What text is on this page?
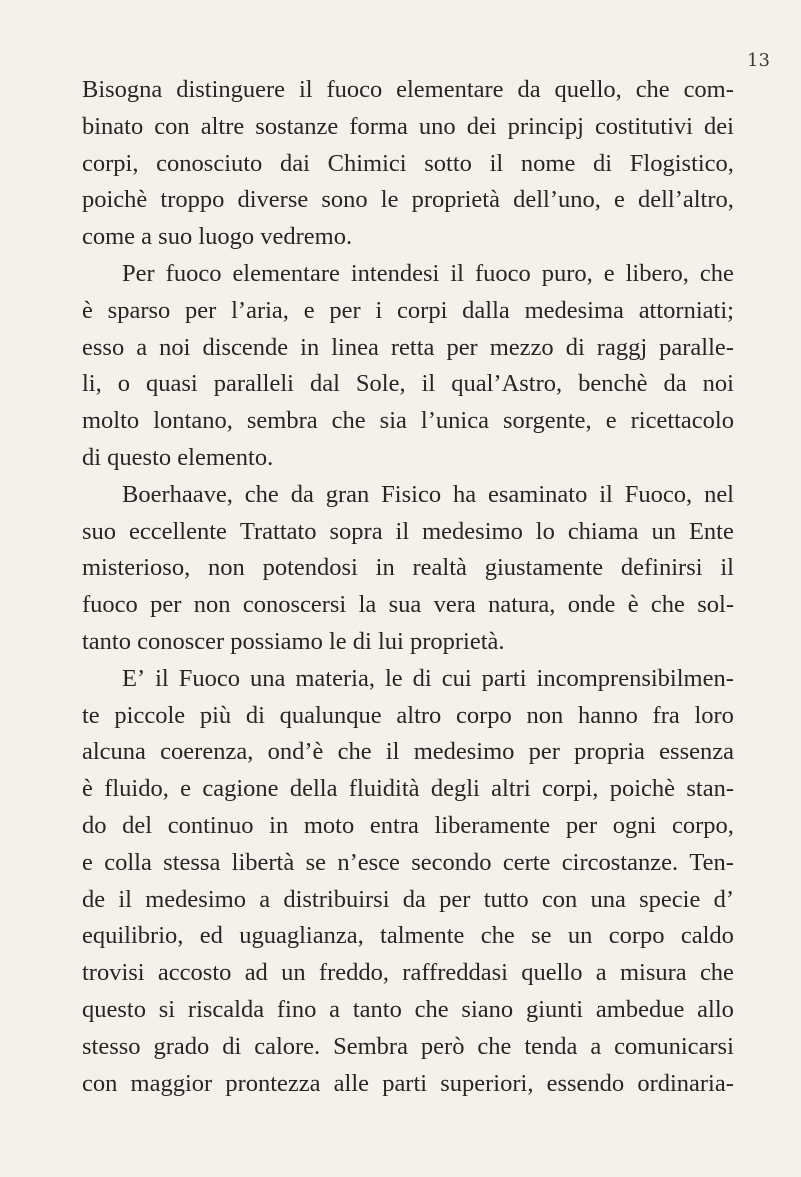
13
Bisogna distinguere il fuoco elementare da quello, che com-
binato con altre sostanze forma uno dei principj costitutivi dei
corpi, conosciuto dai Chimici sotto il nome di Flogistico,
poichè troppo diverse sono le proprietà dell’uno, e dell’altro,
come a suo luogo vedremo.
Per fuoco elementare intendesi il fuoco puro, e libero, che
è sparso per l’aria, e per i corpi dalla medesima attorniati;
esso a noi discende in linea retta per mezzo di raggj paralle-
li, o quasi paralleli dal Sole, il qual’Astro, benchè da noi
molto lontano, sembra che sia l’unica sorgente, e ricettacolo
di questo elemento.
Boerhaave, che da gran Fisico ha esaminato il Fuoco, nel
suo eccellente Trattato sopra il medesimo lo chiama un Ente
misterioso, non potendosi in realtà giustamente definirsi il
fuoco per non conoscersi la sua vera natura, onde è che sol-
tanto conoscer possiamo le di lui proprietà.
E’ il Fuoco una materia, le di cui parti incomprensibilmen-
te piccole più di qualunque altro corpo non hanno fra loro
alcuna coerenza, ond’è che il medesimo per propria essenza
è fluido, e cagione della fluidità degli altri corpi, poichè stan-
do del continuo in moto entra liberamente per ogni corpo,
e colla stessa libertà se n’esce secondo certe circostanze. Ten-
de il medesimo a distribuirsi da per tutto con una specie d’
equilibrio, ed uguaglianza, talmente che se un corpo caldo
trovisi accosto ad un freddo, raffreddasi quello a misura che
questo si riscalda fino a tanto che siano giunti ambedue allo
stesso grado di calore. Sembra però che tenda a comunicarsi
con maggior prontezza alle parti superiori, essendo ordinaria-
